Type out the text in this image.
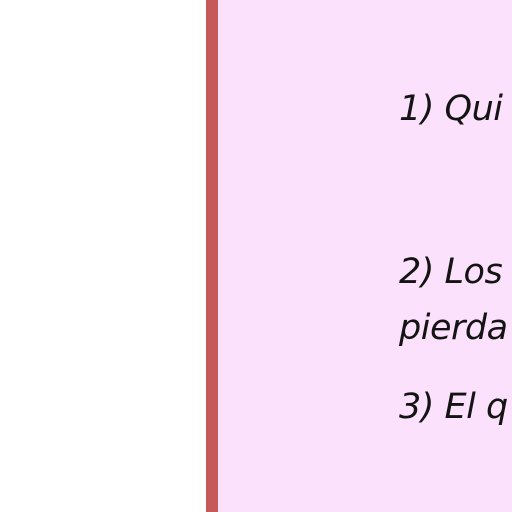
1) Qui
2) Los
pierda
3) El q
